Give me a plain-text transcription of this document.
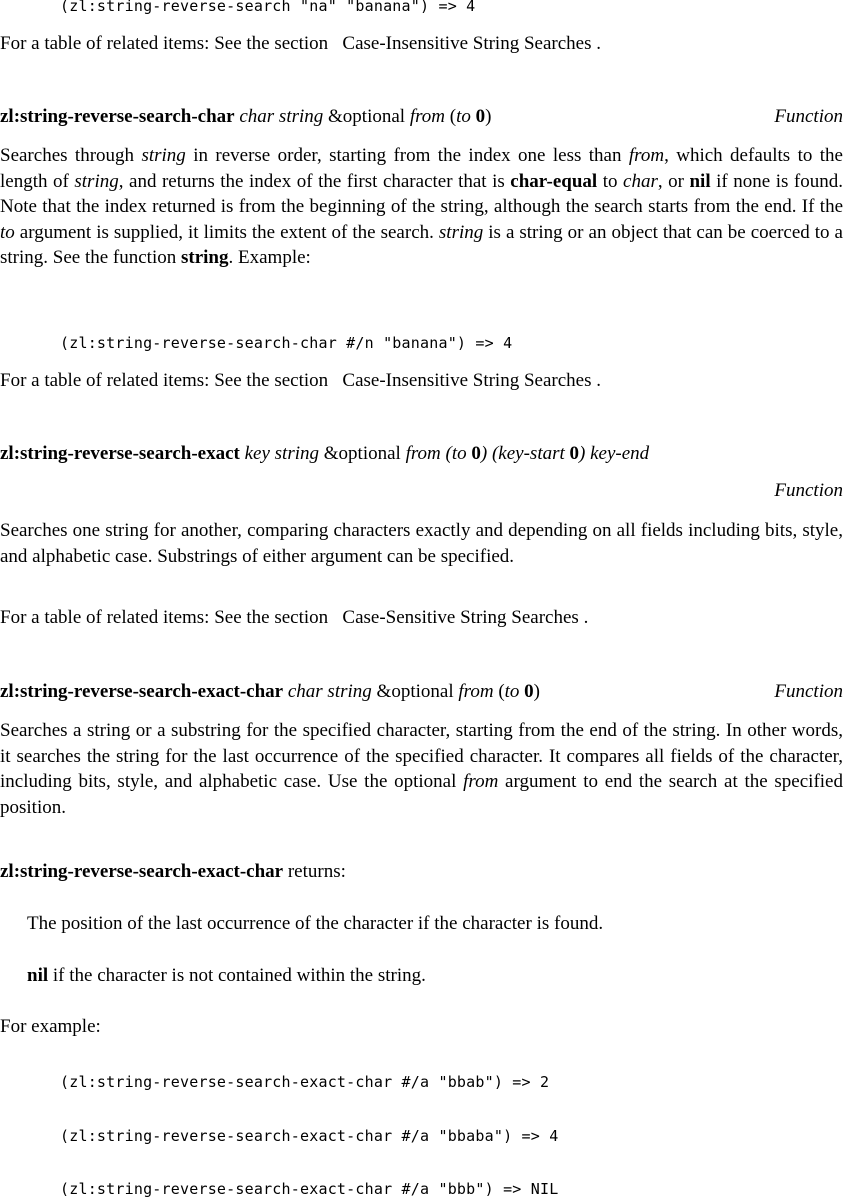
(zl:string-reverse-search "na" "banana") => 4
For a table of related items: See the section Case-Insensitive String Searches .
zl:string-reverse-search-char char string &optional from (to 0)	Function
Searches through string in reverse order, starting from the index one less than from, which defaults to the length of string, and returns the index of the first character that is char-equal to char, or nil if none is found. Note that the index returned is from the beginning of the string, although the search starts from the end. If the to argument is supplied, it limits the extent of the search. string is a string or an object that can be coerced to a string. See the function string. Example:
(zl:string-reverse-search-char #/n "banana") => 4
For a table of related items: See the section Case-Insensitive String Searches .
zl:string-reverse-search-exact key string &optional from (to 0) (key-start 0) key-end
Function
Searches one string for another, comparing characters exactly and depending on all fields including bits, style, and alphabetic case. Substrings of either argument can be specified.
For a table of related items: See the section Case-Sensitive String Searches .
zl:string-reverse-search-exact-char char string &optional from (to 0)	Function
Searches a string or a substring for the specified character, starting from the end of the string. In other words, it searches the string for the last occurrence of the specified character. It compares all fields of the character, including bits, style, and alphabetic case. Use the optional from argument to end the search at the specified position.
zl:string-reverse-search-exact-char returns:
The position of the last occurrence of the character if the character is found.
nil if the character is not contained within the string.
For example:
(zl:string-reverse-search-exact-char #/a "bbab") => 2
(zl:string-reverse-search-exact-char #/a "bbaba") => 4
(zl:string-reverse-search-exact-char #/a "bbb") => NIL
